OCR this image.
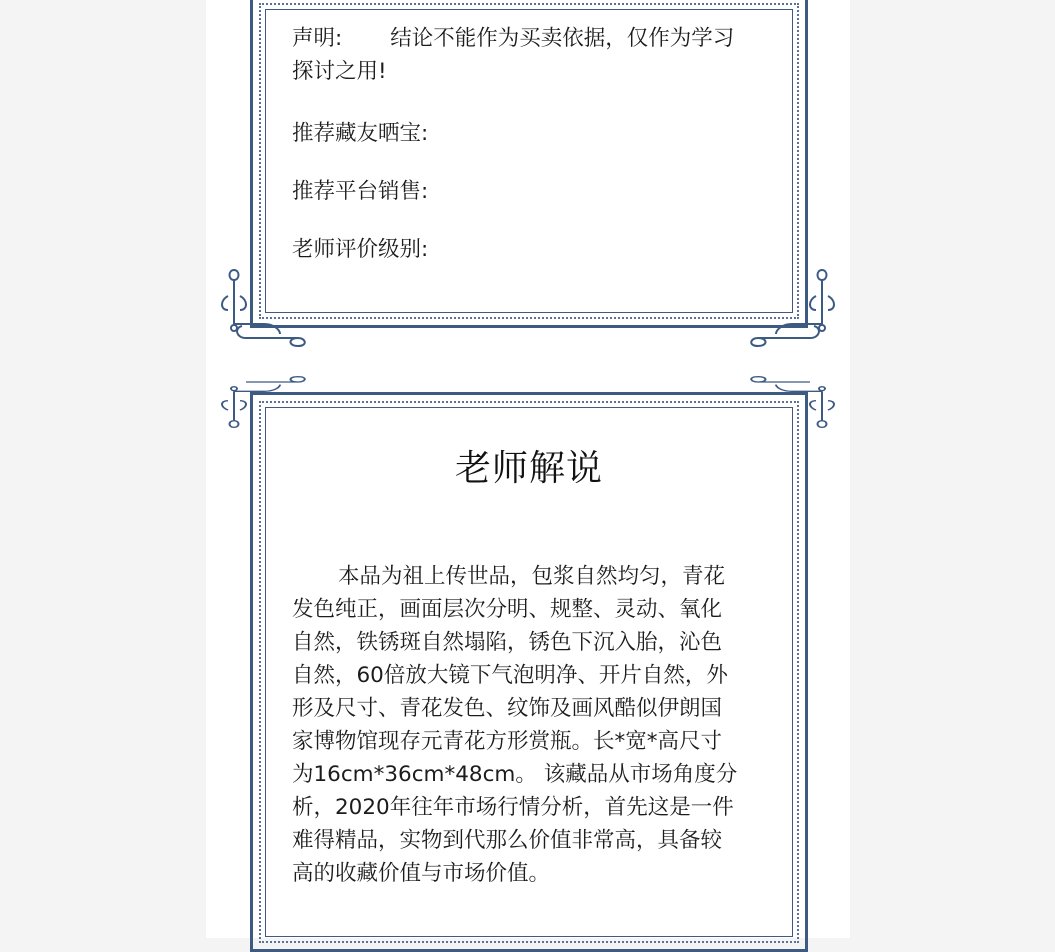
声明: 结论不能作为买卖依据，仅作为学习
探讨之用!
推荐藏友晒宝:
推荐平台销售:
老师评价级别:
老师解说
本品为祖上传世品，包浆自然均匀，青花
发色纯正，画面层次分明、规整、灵动、氧化
自然，铁锈斑自然塌陷，锈色下沉入胎，沁色
自然，60倍放大镜下气泡明净、开片自然，外
形及尺寸、青花发色、纹饰及画风酷似伊朗国
家博物馆现存元青花方形赏瓶。长*宽*高尺寸
为16cm*36cm*48cm。 该藏品从市场角度分
析，2020年往年市场行情分析，首先这是一件
难得精品，实物到代那么价值非常高，具备较
高的收藏价值与市场价值。
